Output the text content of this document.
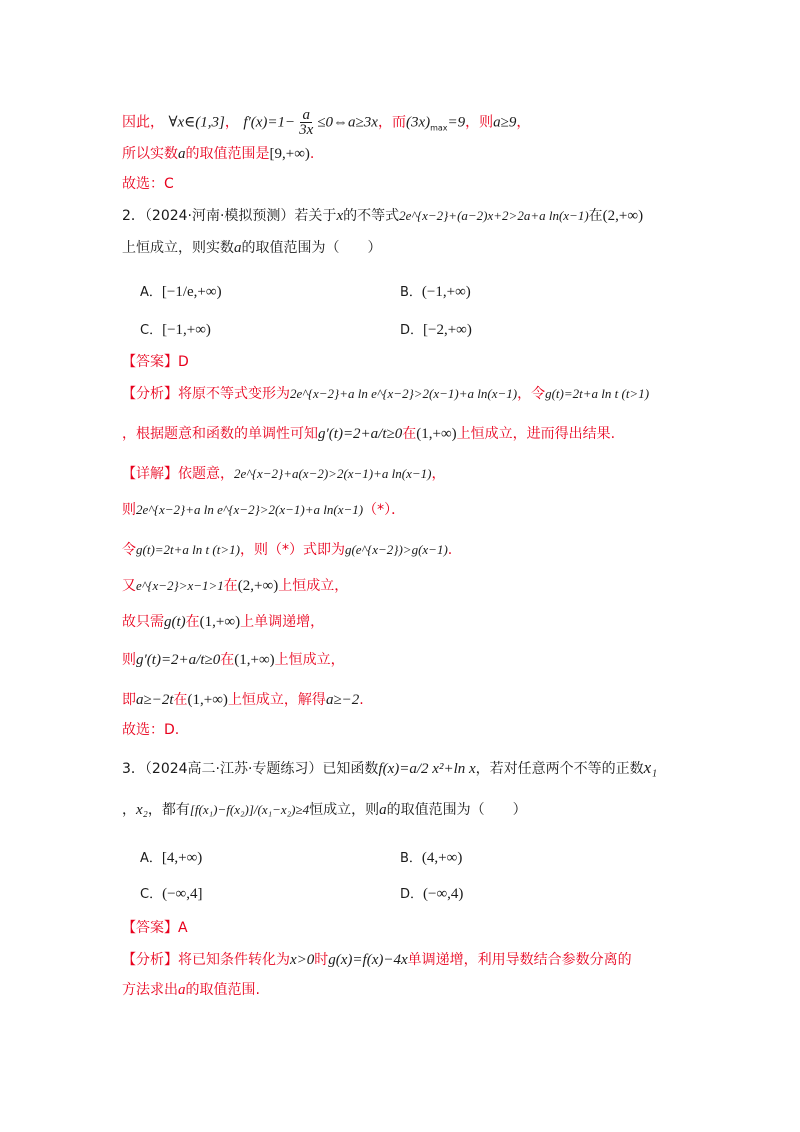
因此， ∀x∈(1,3]， $f'(x)=1- \frac{a}{3x}$ ≤0⇔a≥3x，而$(3x)_{max}=9$，则a≥9，
所以实数a的取值范围是[9,+∞).
故选：C
2．（2024·河南·模拟预测）若关于x的不等式2e^{x−2}+(a−2)x+2>2a+a ln(x−1)在(2,+∞)
上恒成立，则实数a的取值范围为（　　）
A．[−1/e,+∞)	B．(−1,+∞)
C．[−1,+∞)	D．[−2,+∞)
【答案】D
【分析】将原不等式变形为2e^{x−2}+a ln e^{x−2}>2(x−1)+a ln(x−1)，令g(t)=2t+a ln t (t>1)
，根据题意和函数的单调性可知g′(t)=2+a/t≥0在(1,+∞)上恒成立，进而得出结果.
【详解】依题意，2e^{x−2}+a(x−2)>2(x−1)+a ln(x−1)，
则2e^{x−2}+a ln e^{x−2}>2(x−1)+a ln(x−1)（*）．
令g(t)=2t+a ln t (t>1)，则（*）式即为g(e^{x−2})>g(x−1).
又e^{x−2}>x−1>1在(2,+∞)上恒成立，
故只需g(t)在(1,+∞)上单调递增，
则g′(t)=2+a/t≥0在(1,+∞)上恒成立，
即a≥−2t在(1,+∞)上恒成立，解得a≥−2.
故选：D.
3．（2024高二·江苏·专题练习）已知函数f(x)=a/2 x²+ln x，若对任意两个不等的正数x₁
，x₂，都有[f(x₁)−f(x₂)]/(x₁−x₂)≥4恒成立，则a的取值范围为（　　）
A．[4,+∞)	B．(4,+∞)
C．(−∞,4]	D．(−∞,4)
【答案】A
【分析】将已知条件转化为x>0时g(x)=f(x)−4x单调递增，利用导数结合参数分离的
方法求出a的取值范围.
